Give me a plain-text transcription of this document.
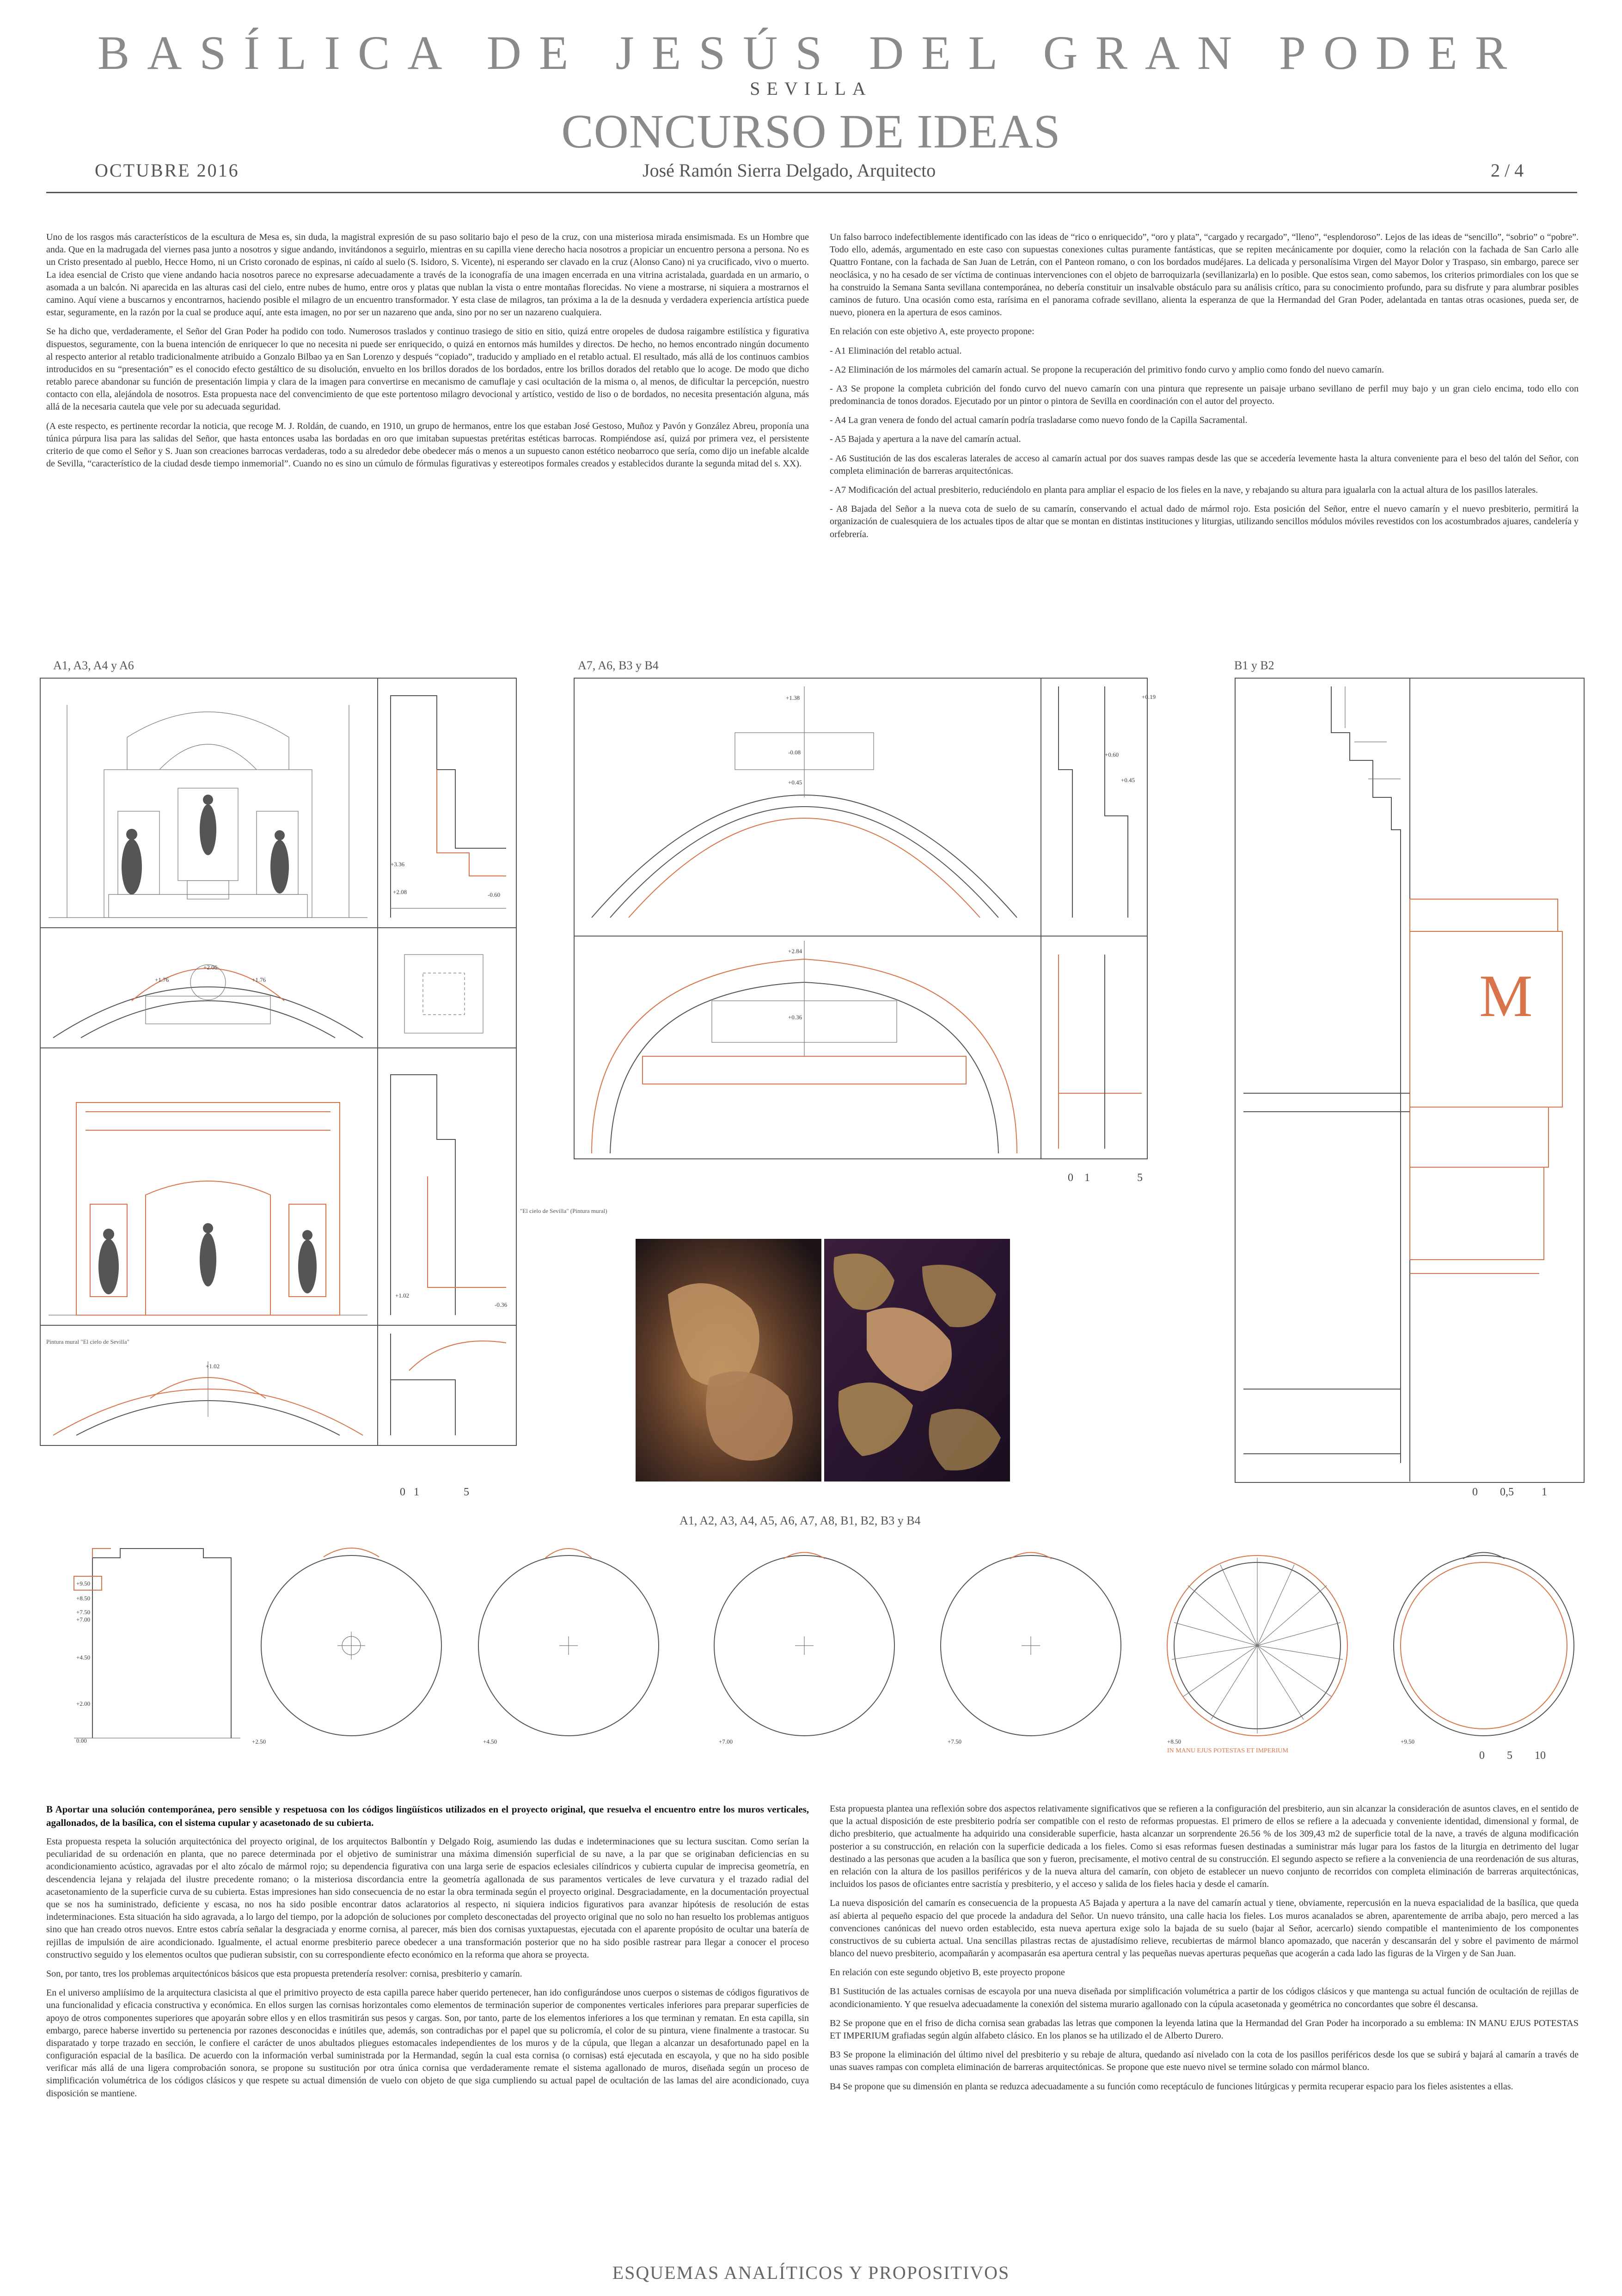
BASÍLICA DE JESÚS DEL GRAN PODER
SEVILLA
CONCURSO DE IDEAS
OCTUBRE 2016	José Ramón Sierra Delgado, Arquitecto	2 / 4

Uno de los rasgos más característicos de la escultura de Mesa es, sin duda, la magistral expresión de su paso solitario bajo el peso de la cruz, con una misteriosa mirada ensimismada. Es un Hombre que anda. Que en la madrugada del viernes pasa junto a nosotros y sigue andando, invitándonos a seguirlo, mientras en su capilla viene derecho hacia nosotros a propiciar un encuentro persona a persona. No es un Cristo presentado al pueblo, Hecce Homo, ni un Cristo coronado de espinas, ni caído al suelo (S. Isidoro, S. Vicente), ni esperando ser clavado en la cruz (Alonso Cano) ni ya crucificado, vivo o muerto. La idea esencial de Cristo que viene andando hacia nosotros parece no expresarse adecuadamente a través de la iconografía de una imagen encerrada en una vitrina acristalada, guardada en un armario, o asomada a un balcón. Ni aparecida en las alturas casi del cielo, entre nubes de humo, entre oros y platas que nublan la vista o entre montañas florecidas. No viene a mostrarse, ni siquiera a mostrarnos el camino. Aquí viene a buscarnos y encontrarnos, haciendo posible el milagro de un encuentro transformador. Y esta clase de milagros, tan próxima a la de la desnuda y verdadera experiencia artística puede estar, seguramente, en la razón por la cual se produce aquí, ante esta imagen, no por ser un nazareno que anda, sino por no ser un nazareno cualquiera.

Se ha dicho que, verdaderamente, el Señor del Gran Poder ha podido con todo. Numerosos traslados y continuo trasiego de sitio en sitio, quizá entre oropeles de dudosa raigambre estilística y figurativa dispuestos, seguramente, con la buena intención de enriquecer lo que no necesita ni puede ser enriquecido, o quizá en entornos más humildes y directos. De hecho, no hemos encontrado ningún documento al respecto anterior al retablo tradicionalmente atribuido a Gonzalo Bilbao ya en San Lorenzo y después “copiado”, traducido y ampliado en el retablo actual. El resultado, más allá de los continuos cambios introducidos en su “presentación” es el conocido efecto gestáltico de su disolución, envuelto en los brillos dorados de los bordados, entre los brillos dorados del retablo que lo acoge. De modo que dicho retablo parece abandonar su función de presentación limpia y clara de la imagen para convertirse en mecanismo de camuflaje y casi ocultación de la misma o, al menos, de dificultar la percepción, nuestro contacto con ella, alejándola de nosotros. Esta propuesta nace del convencimiento de que este portentoso milagro devocional y artístico, vestido de liso o de bordados, no necesita presentación alguna, más allá de la necesaria cautela que vele por su adecuada seguridad.

(A este respecto, es pertinente recordar la noticia, que recoge M. J. Roldán, de cuando, en 1910, un grupo de hermanos, entre los que estaban José Gestoso, Muñoz y Pavón y González Abreu, proponía una túnica púrpura lisa para las salidas del Señor, que hasta entonces usaba las bordadas en oro que imitaban supuestas pretéritas estéticas barrocas. Rompiéndose así, quizá por primera vez, el persistente criterio de que como el Señor y S. Juan son creaciones barrocas verdaderas, todo a su alrededor debe obedecer más o menos a un supuesto canon estético neobarroco que sería, como dijo un inefable alcalde de Sevilla, “característico de la ciudad desde tiempo inmemorial”. Cuando no es sino un cúmulo de fórmulas figurativas y estereotipos formales creados y establecidos durante la segunda mitad del s. XX).

Un falso barroco indefectiblemente identificado con las ideas de “rico o enriquecido”, “oro y plata”, “cargado y recargado”, “lleno”, “esplendoroso”. Lejos de las ideas de “sencillo”, “sobrio” o “pobre”. Todo ello, además, argumentado en este caso con supuestas conexiones cultas puramente fantásticas, que se repiten mecánicamente por doquier, como la relación con la fachada de San Carlo alle Quattro Fontane, con la fachada de San Juan de Letrán, con el Panteon romano, o con los bordados mudéjares. La delicada y personalísima Virgen del Mayor Dolor y Traspaso, sin embargo, parece ser neoclásica, y no ha cesado de ser víctima de continuas intervenciones con el objeto de barroquizarla (sevillanizarla) en lo posible. Que estos sean, como sabemos, los criterios primordiales con los que se ha construido la Semana Santa sevillana contemporánea, no debería constituir un insalvable obstáculo para su análisis crítico, para su conocimiento profundo, para su disfrute y para alumbrar posibles caminos de futuro. Una ocasión como esta, rarísima en el panorama cofrade sevillano, alienta la esperanza de que la Hermandad del Gran Poder, adelantada en tantas otras ocasiones, pueda ser, de nuevo, pionera en la apertura de esos caminos.

En relación con este objetivo A, este proyecto propone:

- A1 Eliminación del retablo actual.
- A2 Eliminación de los mármoles del camarín actual. Se propone la recuperación del primitivo fondo curvo y amplio como fondo del nuevo camarín.
- A3 Se propone la completa cubrición del fondo curvo del nuevo camarín con una pintura que represente un paisaje urbano sevillano de perfil muy bajo y un gran cielo encima, todo ello con predominancia de tonos dorados. Ejecutado por un pintor o pintora de Sevilla en coordinación con el autor del proyecto.
- A4 La gran venera de fondo del actual camarín podría trasladarse como nuevo fondo de la Capilla Sacramental.
- A5 Bajada y apertura a la nave del camarín actual.
- A6 Sustitución de las dos escaleras laterales de acceso al camarín actual por dos suaves rampas desde las que se accedería levemente hasta la altura conveniente para el beso del talón del Señor, con completa eliminación de barreras arquitectónicas.
- A7 Modificación del actual presbiterio, reduciéndolo en planta para ampliar el espacio de los fieles en la nave, y rebajando su altura para igualarla con la actual altura de los pasillos laterales.
- A8 Bajada del Señor a la nueva cota de suelo de su camarín, conservando el actual dado de mármol rojo. Esta posición del Señor, entre el nuevo camarín y el nuevo presbiterio, permitirá la organización de cualesquiera de los actuales tipos de altar que se montan en distintas instituciones y liturgias, utilizando sencillos módulos móviles revestidos con los acostumbrados ajuares, candelería y orfebrería.
A1, A3, A4 y A6	A7, A6, B3 y B4	B1 y B2
+3.36
+2.08	-0.60
+2.06
+1.76	+1.76
+1.02
-0.36
+1.02
"El cielo de Sevilla" (Pintura mural)
Pintura mural "El cielo de Sevilla"
0 1	5
+1.38
-0.08
+0.45
+2.84
+0.36
+0.19
+0.60
+0.45
0 1	5
M
0 0,5	1
A1, A2, A3, A4, A5, A6, A7, A8, B1, B2, B3 y B4
+9.50
+8.50
+7.50
+7.00
+4.50
+2.00
0.00	+2.50	+4.50	+7.00	+7.50	+8.50	+9.50
IN MANU EJUS POTESTAS ET IMPERIUM	0 5 10

B Aportar una solución contemporánea, pero sensible y respetuosa con los códigos lingüísticos utilizados en el proyecto original, que resuelva el encuentro entre los muros verticales, agallonados, de la basílica, con el sistema cupular y acasetonado de su cubierta.

Esta propuesta respeta la solución arquitectónica del proyecto original, de los arquitectos Balbontín y Delgado Roig, asumiendo las dudas e indeterminaciones que su lectura suscitan. Como serían la peculiaridad de su ordenación en planta, que no parece determinada por el objetivo de suministrar una máxima dimensión superficial de su nave, a la par que se originaban deficiencias en su acondicionamiento acústico, agravadas por el alto zócalo de mármol rojo; su dependencia figurativa con una larga serie de espacios eclesiales cilíndricos y cubierta cupular de imprecisa geometría, en descendencia lejana y relajada del ilustre precedente romano; o la misteriosa discordancia entre la geometría agallonada de sus paramentos verticales de leve curvatura y el trazado radial del acasetonamiento de la superficie curva de su cubierta. Estas impresiones han sido consecuencia de no estar la obra terminada según el proyecto original. Desgraciadamente, en la documentación proyectual que se nos ha suministrado, deficiente y escasa, no nos ha sido posible encontrar datos aclaratorios al respecto, ni siquiera indicios figurativos para avanzar hipótesis de resolución de estas indeterminaciones. Esta situación ha sido agravada, a lo largo del tiempo, por la adopción de soluciones por completo desconectadas del proyecto original que no solo no han resuelto los problemas antiguos sino que han creado otros nuevos. Entre estos cabría señalar la desgraciada y enorme cornisa, al parecer, más bien dos cornisas yuxtapuestas, ejecutada con el aparente propósito de ocultar una batería de rejillas de impulsión de aire acondicionado. Igualmente, el actual enorme presbiterio parece obedecer a una transformación posterior que no ha sido posible rastrear para llegar a conocer el proceso constructivo seguido y los elementos ocultos que pudieran subsistir, con su correspondiente efecto económico en la reforma que ahora se proyecta.

Son, por tanto, tres los problemas arquitectónicos básicos que esta propuesta pretendería resolver: cornisa, presbiterio y camarín.

En el universo ampliísimo de la arquitectura clasicista al que el primitivo proyecto de esta capilla parece haber querido pertenecer, han ido configurándose unos cuerpos o sistemas de códigos figurativos de una funcionalidad y eficacia constructiva y económica. En ellos surgen las cornisas horizontales como elementos de terminación superior de componentes verticales inferiores para preparar superficies de apoyo de otros componentes superiores que apoyarán sobre ellos y en ellos trasmitirán sus pesos y cargas. Son, por tanto, parte de los elementos inferiores a los que terminan y rematan. En esta capilla, sin embargo, parece haberse invertido su pertenencia por razones desconocidas e inútiles que, además, son contradichas por el papel que su policromía, el color de su pintura, viene finalmente a trastocar. Su disparatado y torpe trazado en sección, le confiere el carácter de unos abultados pliegues estomacales independientes de los muros y de la cúpula, que llegan a alcanzar un desafortunado papel en la configuración espacial de la basílica. De acuerdo con la información verbal suministrada por la Hermandad, según la cual esta cornisa (o cornisas) está ejecutada en escayola, y que no ha sido posible verificar más allá de una ligera comprobación sonora, se propone su sustitución por otra única cornisa que verdaderamente remate el sistema agallonado de muros, diseñada según un proceso de simplificación volumétrica de los códigos clásicos y que respete su actual dimensión de vuelo con objeto de que siga cumpliendo su actual papel de ocultación de las lamas del aire acondicionado, cuya disposición se mantiene.

Esta propuesta plantea una reflexión sobre dos aspectos relativamente significativos que se refieren a la configuración del presbiterio, aun sin alcanzar la consideración de asuntos claves, en el sentido de que la actual disposición de este presbiterio podría ser compatible con el resto de reformas propuestas. El primero de ellos se refiere a la adecuada y conveniente identidad, dimensional y formal, de dicho presbiterio, que actualmente ha adquirido una considerable superficie, hasta alcanzar un sorprendente 26.56 % de los 309,43 m2 de superficie total de la nave, a través de alguna modificación posterior a su construcción, en relación con la superficie dedicada a los fieles. Como si esas reformas fuesen destinadas a suministrar más lugar para los fastos de la liturgia en detrimento del lugar destinado a las personas que acuden a la basílica que son y fueron, precisamente, el motivo central de su construcción. El segundo aspecto se refiere a la conveniencia de una reordenación de sus alturas, en relación con la altura de los pasillos periféricos y de la nueva altura del camarín, con objeto de establecer un nuevo conjunto de recorridos con completa eliminación de barreras arquitectónicas, incluidos los pasos de oficiantes entre sacristía y presbiterio, y el acceso y salida de los fieles hacia y desde el camarín.

La nueva disposición del camarín es consecuencia de la propuesta A5 Bajada y apertura a la nave del camarín actual y tiene, obviamente, repercusión en la nueva espacialidad de la basílica, que queda así abierta al pequeño espacio del que procede la andadura del Señor. Un nuevo tránsito, una calle hacia los fieles. Los muros acanalados se abren, aparentemente de arriba abajo, pero merced a las convenciones canónicas del nuevo orden establecido, esta nueva apertura exige solo la bajada de su suelo (bajar al Señor, acercarlo) siendo compatible el mantenimiento de los componentes constructivos de su cubierta actual. Una sencillas pilastras rectas de ajustadísimo relieve, recubiertas de mármol blanco apomazado, que nacerán y descansarán del y sobre el pavimento de mármol blanco del nuevo presbiterio, acompañarán y acompasarán esa apertura central y las pequeñas nuevas aperturas pequeñas que acogerán a cada lado las figuras de la Virgen y de San Juan.

En relación con este segundo objetivo B, este proyecto propone

B1 Sustitución de las actuales cornisas de escayola por una nueva diseñada por simplificación volumétrica a partir de los códigos clásicos y que mantenga su actual función de ocultación de rejillas de acondicionamiento. Y que resuelva adecuadamente la conexión del sistema murario agallonado con la cúpula acasetonada y geométrica no concordantes que sobre él descansa.
B2 Se propone que en el friso de dicha cornisa sean grabadas las letras que componen la leyenda latina que la Hermandad del Gran Poder ha incorporado a su emblema: IN MANU EJUS POTESTAS ET IMPERIUM grafiadas según algún alfabeto clásico. En los planos se ha utilizado el de Alberto Durero.
B3 Se propone la eliminación del último nivel del presbiterio y su rebaje de altura, quedando así nivelado con la cota de los pasillos periféricos desde los que se subirá y bajará al camarín a través de unas suaves rampas con completa eliminación de barreras arquitectónicas. Se propone que este nuevo nivel se termine solado con mármol blanco.
B4 Se propone que su dimensión en planta se reduzca adecuadamente a su función como receptáculo de funciones litúrgicas y permita recuperar espacio para los fieles asistentes a ellas.
ESQUEMAS ANALÍTICOS Y PROPOSITIVOS
